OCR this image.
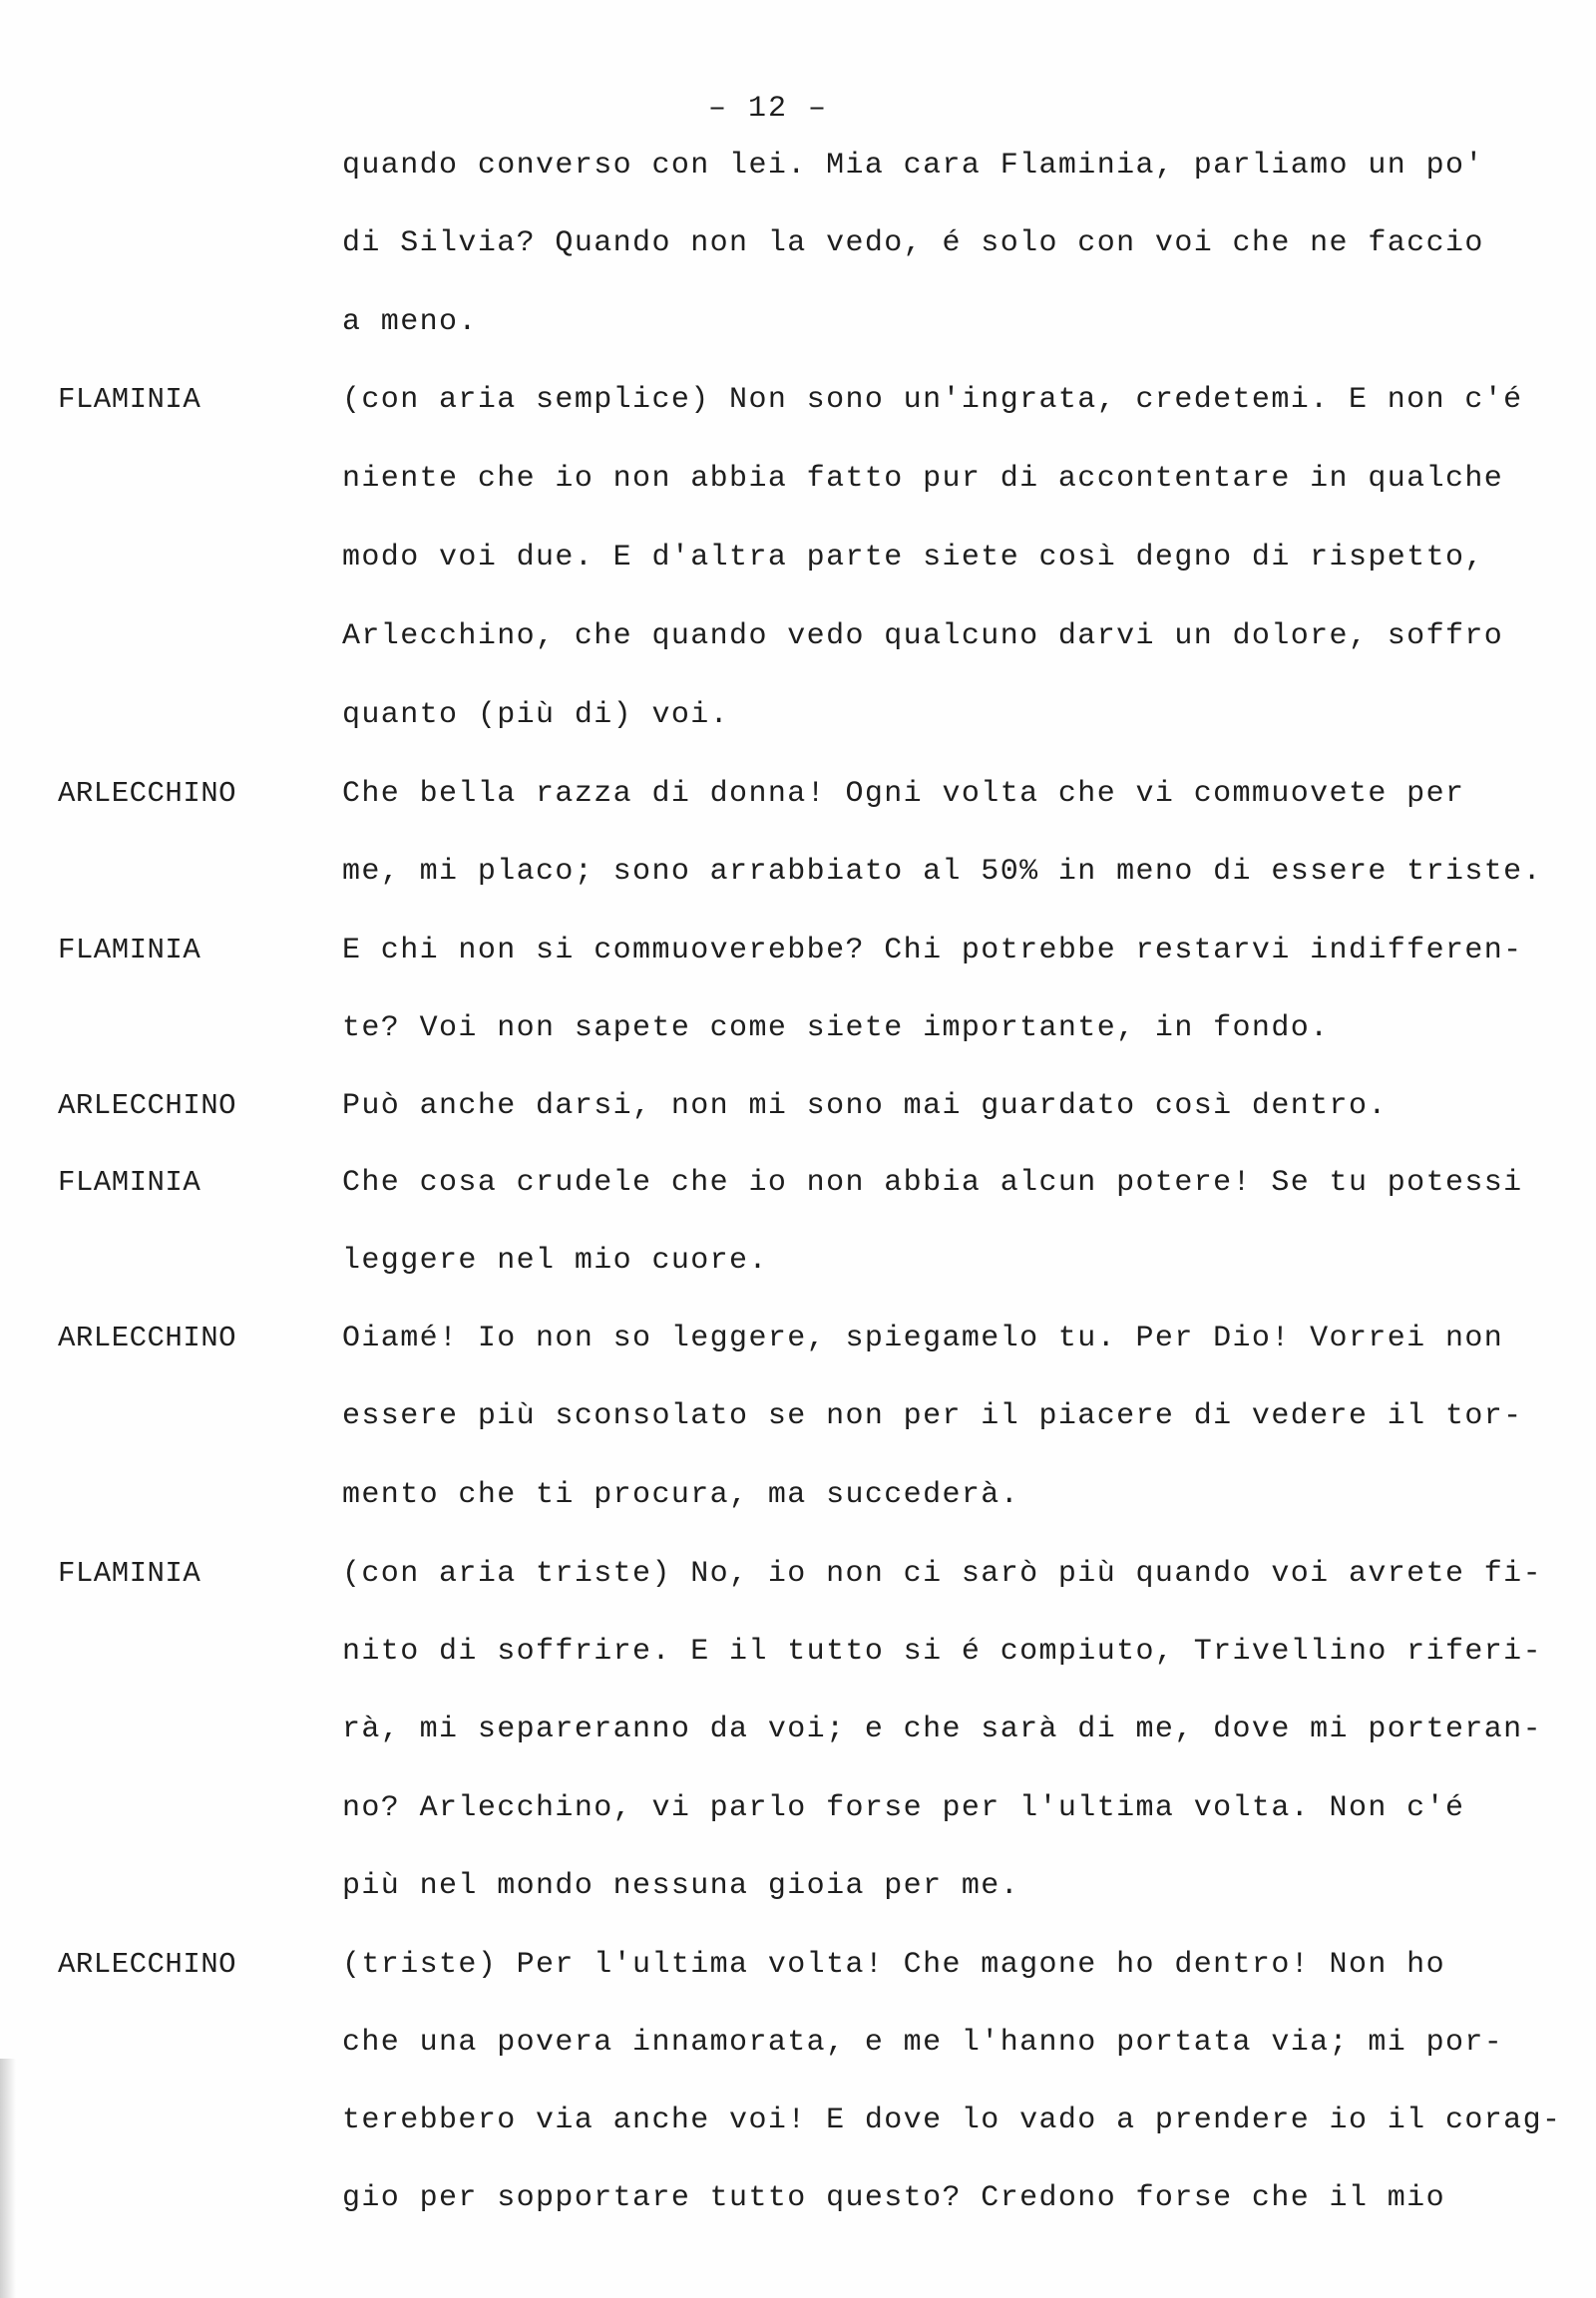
– 12 –
FLAMINIA
ARLECCHINO
FLAMINIA
ARLECCHINO
FLAMINIA
ARLECCHINO
FLAMINIA
ARLECCHINO
quando converso con lei. Mia cara Flaminia, parliamo un po'
di Silvia? Quando non la vedo, é solo con voi che ne faccio
a meno.
(con aria semplice) Non sono un'ingrata, credetemi. E non c'é
niente che io non abbia fatto pur di accontentare in qualche
modo voi due. E d'altra parte siete così degno di rispetto,
Arlecchino, che quando vedo qualcuno darvi un dolore, soffro
quanto (più di) voi.
Che bella razza di donna! Ogni volta che vi commuovete per
me, mi placo; sono arrabbiato al 50% in meno di essere triste.
E chi non si commuoverebbe? Chi potrebbe restarvi indifferen-
te? Voi non sapete come siete importante, in fondo.
Può anche darsi, non mi sono mai guardato così dentro.
Che cosa crudele che io non abbia alcun potere! Se tu potessi
leggere nel mio cuore.
Oiamé! Io non so leggere, spiegamelo tu. Per Dio! Vorrei non
essere più sconsolato se non per il piacere di vedere il tor-
mento che ti procura, ma succederà.
(con aria triste) No, io non ci sarò più quando voi avrete fi-
nito di soffrire. E il tutto si é compiuto, Trivellino riferi-
rà, mi separeranno da voi; e che sarà di me, dove mi porteran-
no? Arlecchino, vi parlo forse per l'ultima volta. Non c'é
più nel mondo nessuna gioia per me.
(triste) Per l'ultima volta! Che magone ho dentro! Non ho
che una povera innamorata, e me l'hanno portata via; mi por-
terebbero via anche voi! E dove lo vado a prendere io il corag-
gio per sopportare tutto questo? Credono forse che il mio
